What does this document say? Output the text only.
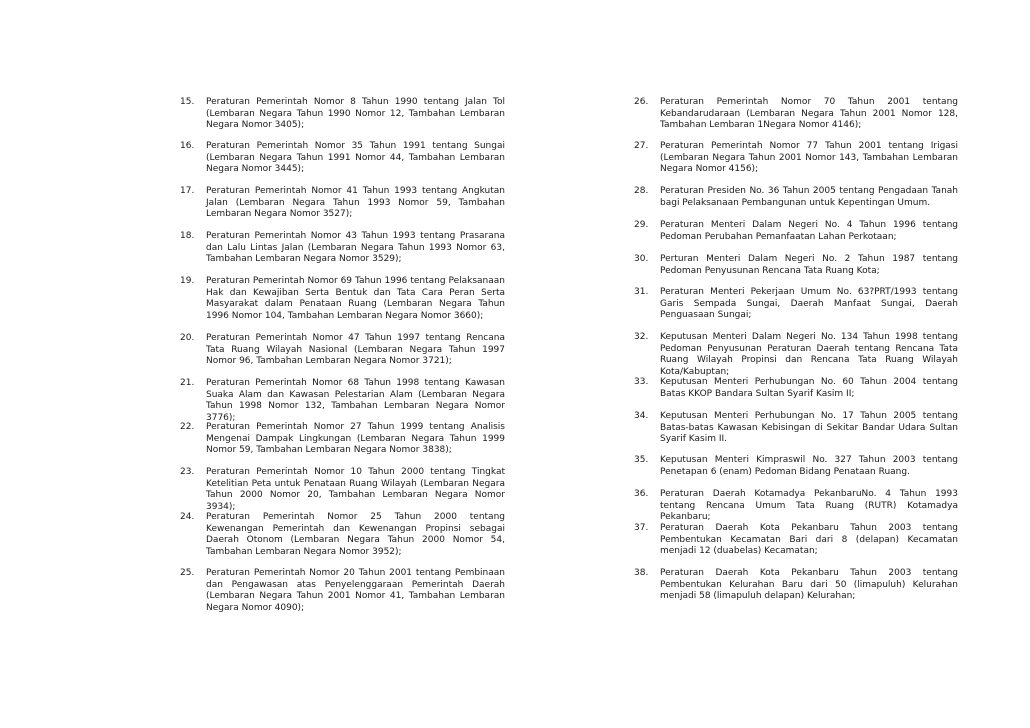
15. Peraturan Pemerintah Nomor 8 Tahun 1990 tentang Jalan Tol (Lembaran Negara Tahun 1990 Nomor 12, Tambahan Lembaran Negara Nomor 3405);
16. Peraturan Pemerintah Nomor 35 Tahun 1991 tentang Sungai (Lembaran Negara Tahun 1991 Nomor 44, Tambahan Lembaran Negara Nomor 3445);
17. Peraturan Pemerintah Nomor 41 Tahun 1993 tentang Angkutan Jalan (Lembaran Negara Tahun 1993 Nomor 59, Tambahan Lembaran Negara Nomor 3527);
18. Peraturan Pemerintah Nomor 43 Tahun 1993 tentang Prasarana dan Lalu Lintas Jalan (Lembaran Negara Tahun 1993 Nomor 63, Tambahan Lembaran Negara Nomor 3529);
19. Peraturan Pemerintah Nomor 69 Tahun 1996 tentang Pelaksanaan Hak dan Kewajiban Serta Bentuk dan Tata Cara Peran Serta Masyarakat dalam Penataan Ruang (Lembaran Negara Tahun 1996 Nomor 104, Tambahan Lembaran Negara Nomor 3660);
20. Peraturan Pemerintah Nomor 47 Tahun 1997 tentang Rencana Tata Ruang Wilayah Nasional (Lembaran Negara Tahun 1997 Nomor 96, Tambahan Lembaran Negara Nomor 3721);
21. Peraturan Pemerintah Nomor 68 Tahun 1998 tentang Kawasan Suaka Alam dan Kawasan Pelestarian Alam (Lembaran Negara Tahun 1998 Nomor 132, Tambahan Lembaran Negara Nomor 3776);
22. Peraturan Pemerintah Nomor 27 Tahun 1999 tentang Analisis Mengenai Dampak Lingkungan (Lembaran Negara Tahun 1999 Nomor 59, Tambahan Lembaran Negara Nomor 3838);
23. Peraturan Pemerintah Nomor 10 Tahun 2000 tentang Tingkat Ketelitian Peta untuk Penataan Ruang Wilayah (Lembaran Negara Tahun 2000 Nomor 20, Tambahan Lembaran Negara Nomor 3934);
24. Peraturan Pemerintah Nomor 25 Tahun 2000 tentang Kewenangan Pemerintah dan Kewenangan Propinsi sebagai Daerah Otonom (Lembaran Negara Tahun 2000 Nomor 54, Tambahan Lembaran Negara Nomor 3952);
25. Peraturan Pemerintah Nomor 20 Tahun 2001 tentang Pembinaan dan Pengawasan atas Penyelenggaraan Pemerintah Daerah (Lembaran Negara Tahun 2001 Nomor 41, Tambahan Lembaran Negara Nomor 4090);
26. Peraturan Pemerintah Nomor 70 Tahun 2001 tentang Kebandarudaraan (Lembaran Negara Tahun 2001 Nomor 128, Tambahan Lembaran 1Negara Nomor 4146);
27. Peraturan Pemerintah Nomor 77 Tahun 2001 tentang Irigasi (Lembaran Negara Tahun 2001 Nomor 143, Tambahan Lembaran Negara Nomor 4156);
28. Peraturan Presiden No. 36 Tahun 2005 tentang Pengadaan Tanah bagi Pelaksanaan Pembangunan untuk Kepentingan Umum.
29. Peraturan Menteri Dalam Negeri No. 4 Tahun 1996 tentang Pedoman Perubahan Pemanfaatan Lahan Perkotaan;
30. Perturan Menteri Dalam Negeri No. 2 Tahun 1987 tentang Pedoman Penyusunan Rencana Tata Ruang Kota;
31. Peraturan Menteri Pekerjaan Umum No. 63?PRT/1993 tentang Garis Sempada Sungai, Daerah Manfaat Sungai, Daerah Penguasaan Sungai;
32. Keputusan Menteri Dalam Negeri No. 134 Tahun 1998 tentang Pedoman Penyusunan Peraturan Daerah tentang Rencana Tata Ruang Wilayah Propinsi dan Rencana Tata Ruang Wilayah Kota/Kabuptan;
33. Keputusan Menteri Perhubungan No. 60 Tahun 2004 tentang Batas KKOP Bandara Sultan Syarif Kasim II;
34. Keputusan Menteri Perhubungan No. 17 Tahun 2005 tentang Batas-batas Kawasan Kebisingan di Sekitar Bandar Udara Sultan Syarif Kasim II.
35. Keputusan Menteri Kimpraswil No. 327 Tahun 2003 tentang Penetapan 6 (enam) Pedoman Bidang Penataan Ruang.
36. Peraturan Daerah Kotamadya PekanbaruNo. 4 Tahun 1993 tentang Rencana Umum Tata Ruang (RUTR) Kotamadya Pekanbaru;
37. Peraturan Daerah Kota Pekanbaru Tahun 2003 tentang Pembentukan Kecamatan Bari dari 8 (delapan) Kecamatan menjadi 12 (duabelas) Kecamatan;
38. Peraturan Daerah Kota Pekanbaru Tahun 2003 tentang Pembentukan Kelurahan Baru dari 50 (limapuluh) Kelurahan menjadi 58 (limapuluh delapan) Kelurahan;
